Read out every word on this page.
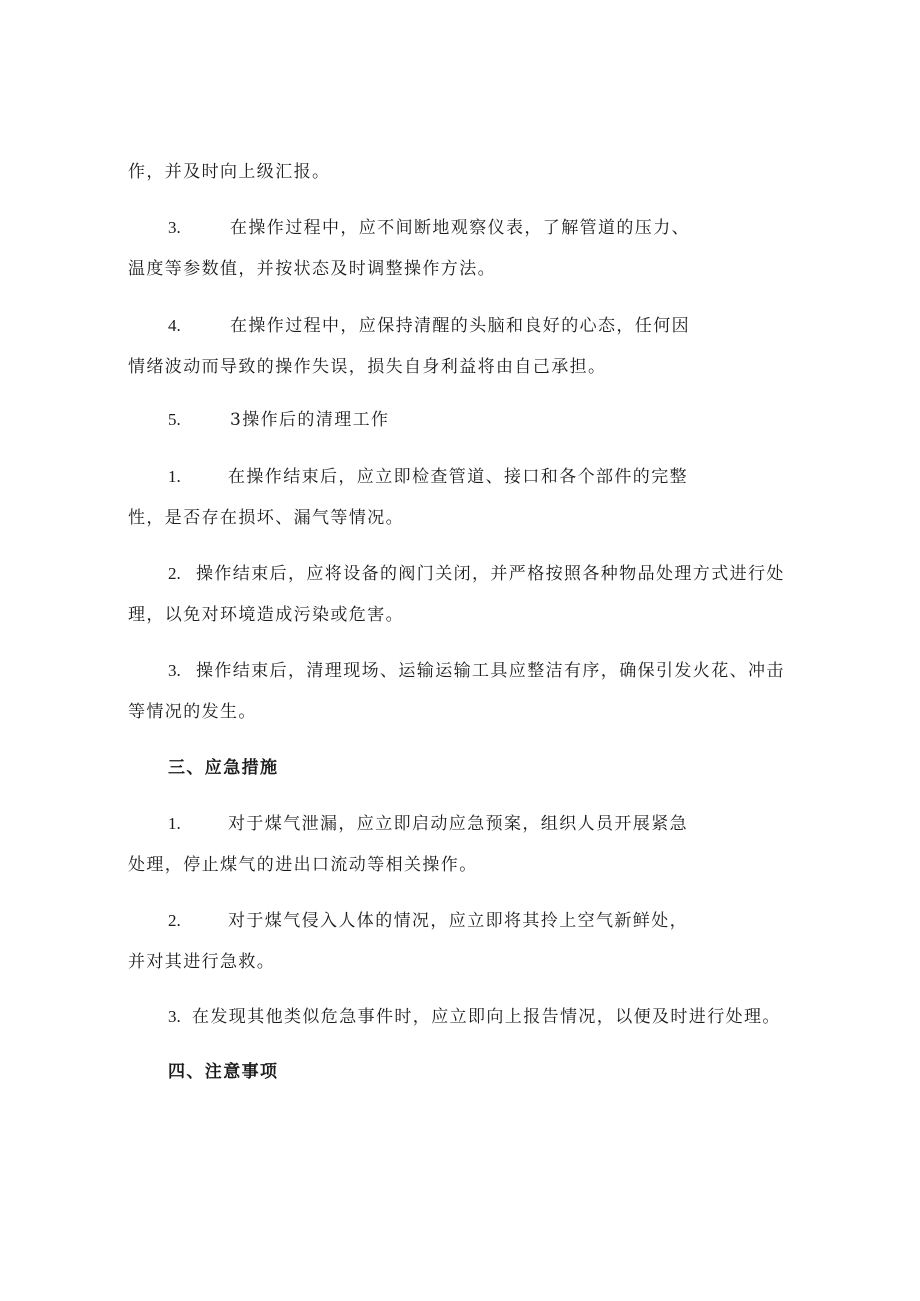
作，并及时向上级汇报。
3.	在操作过程中，应不间断地观察仪表，了解管道的压力、
温度等参数值，并按状态及时调整操作方法。
4.	在操作过程中，应保持清醒的头脑和良好的心态，任何因
情绪波动而导致的操作失误，损失自身利益将由自己承担。
5.	3操作后的清理工作
1.	在操作结束后，应立即检查管道、接口和各个部件的完整
性，是否存在损坏、漏气等情况。
2. 操作结束后，应将设备的阀门关闭，并严格按照各种物品处理方式进行处
理，以免对环境造成污染或危害。
3. 操作结束后，清理现场、运输运输工具应整洁有序，确保引发火花、冲击
等情况的发生。
三、应急措施
1.	对于煤气泄漏，应立即启动应急预案，组织人员开展紧急
处理，停止煤气的进出口流动等相关操作。
2.	对于煤气侵入人体的情况，应立即将其拎上空气新鲜处，
并对其进行急救。
3. 在发现其他类似危急事件时，应立即向上报告情况，以便及时进行处理。
四、注意事项
